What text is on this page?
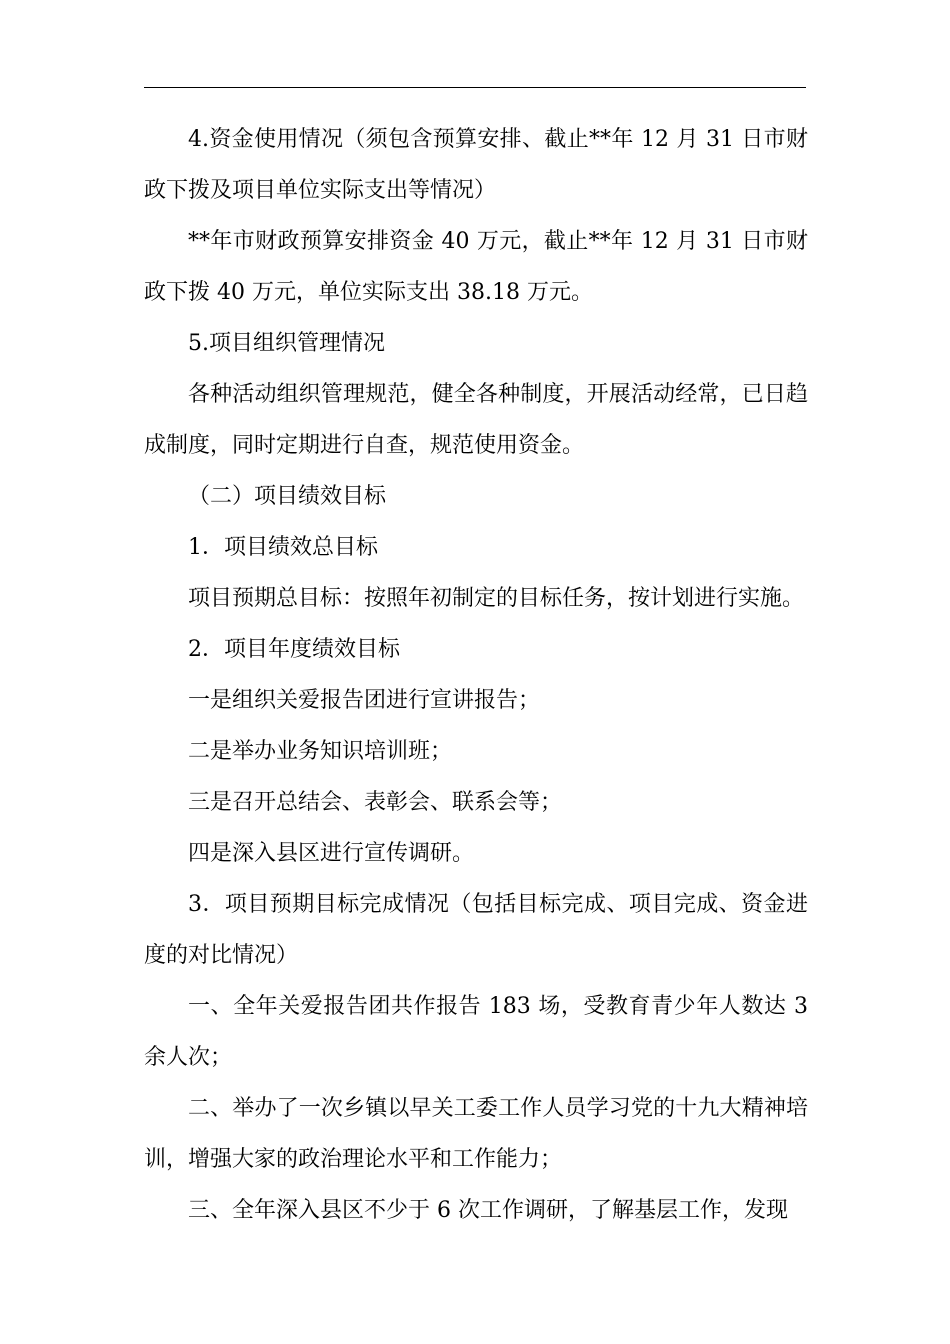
4.资金使用情况（须包含预算安排、截止**年 12 月 31 日市财政下拨及项目单位实际支出等情况）

**年市财政预算安排资金 40 万元，截止**年 12 月 31 日市财政下拨 40 万元，单位实际支出 38.18 万元。

5.项目组织管理情况

各种活动组织管理规范，健全各种制度，开展活动经常，已日趋成制度，同时定期进行自查，规范使用资金。

（二）项目绩效目标

1．项目绩效总目标

项目预期总目标：按照年初制定的目标任务，按计划进行实施。

2．项目年度绩效目标

一是组织关爱报告团进行宣讲报告；

二是举办业务知识培训班；

三是召开总结会、表彰会、联系会等；

四是深入县区进行宣传调研。

3．项目预期目标完成情况（包括目标完成、项目完成、资金进度的对比情况）

一、全年关爱报告团共作报告 183 场，受教育青少年人数达 3 余人次；

二、举办了一次乡镇以早关工委工作人员学习党的十九大精神培训，增强大家的政治理论水平和工作能力；

三、全年深入县区不少于 6 次工作调研，了解基层工作，发现
